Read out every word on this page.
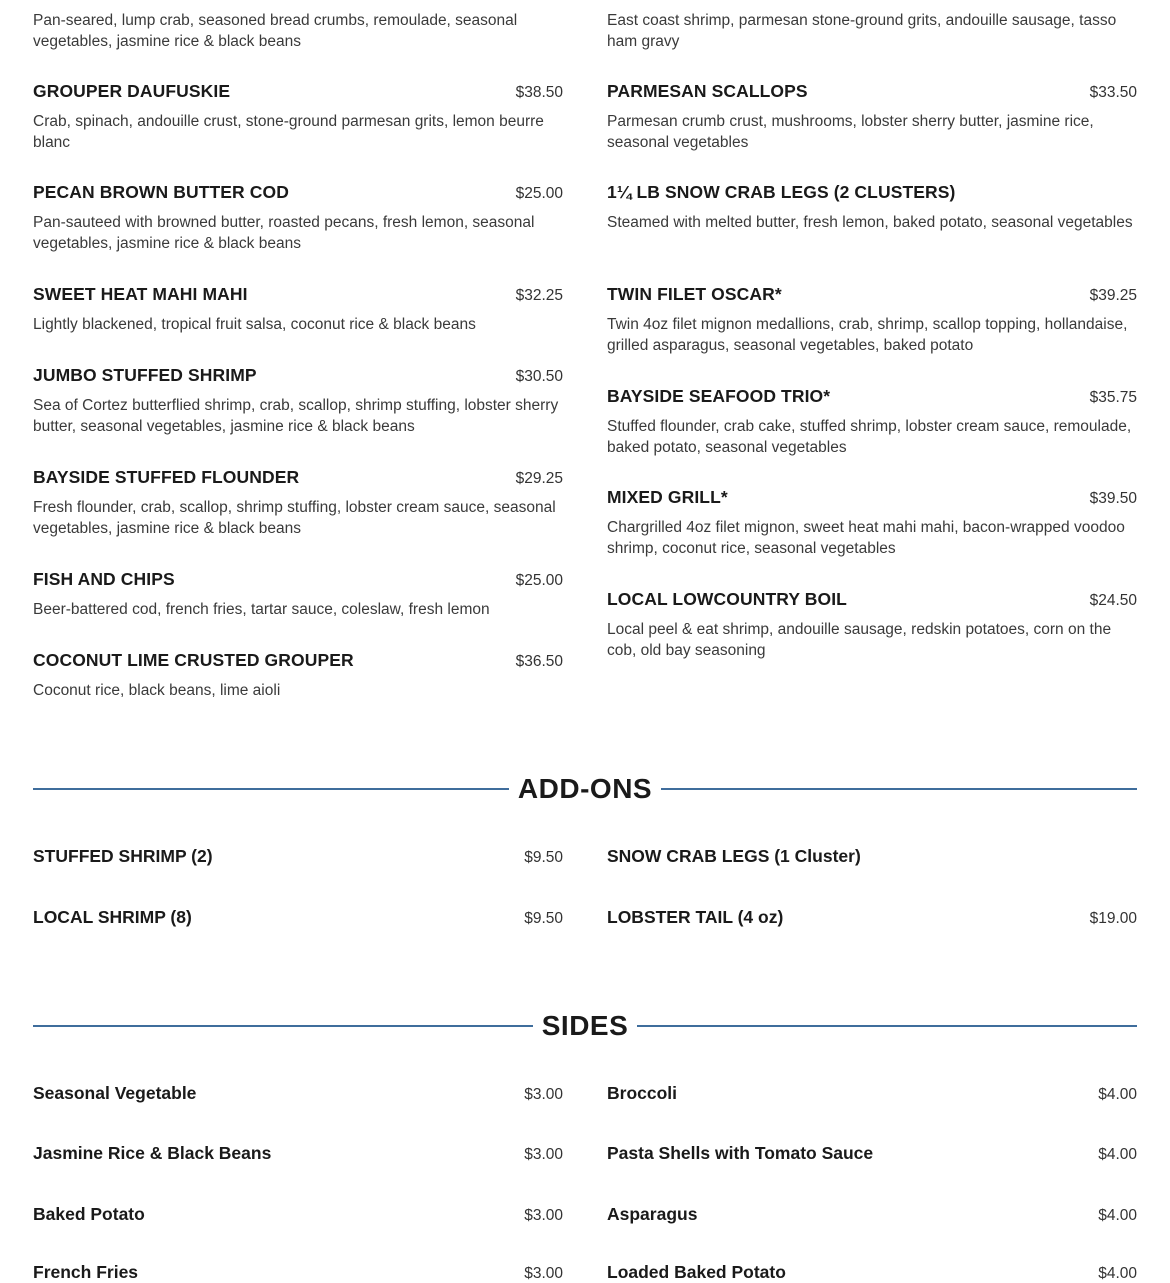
Pan-seared, lump crab, seasoned bread crumbs, remoulade, seasonal vegetables, jasmine rice & black beans
East coast shrimp, parmesan stone-ground grits, andouille sausage, tasso ham gravy
GROUPER DAUFUSKIE	$38.50
Crab, spinach, andouille crust, stone-ground parmesan grits, lemon beurre blanc
PECAN BROWN BUTTER COD	$25.00
Pan-sauteed with browned butter, roasted pecans, fresh lemon, seasonal vegetables, jasmine rice & black beans
SWEET HEAT MAHI MAHI	$32.25
Lightly blackened, tropical fruit salsa, coconut rice & black beans
JUMBO STUFFED SHRIMP	$30.50
Sea of Cortez butterflied shrimp, crab, scallop, shrimp stuffing, lobster sherry butter, seasonal vegetables, jasmine rice & black beans
BAYSIDE STUFFED FLOUNDER	$29.25
Fresh flounder, crab, scallop, shrimp stuffing, lobster cream sauce, seasonal vegetables, jasmine rice & black beans
FISH AND CHIPS	$25.00
Beer-battered cod, french fries, tartar sauce, coleslaw, fresh lemon
COCONUT LIME CRUSTED GROUPER	$36.50
Coconut rice, black beans, lime aioli
PARMESAN SCALLOPS	$33.50
Parmesan crumb crust, mushrooms, lobster sherry butter, jasmine rice, seasonal vegetables
1¼ LB SNOW CRAB LEGS (2 CLUSTERS)
Steamed with melted butter, fresh lemon, baked potato, seasonal vegetables
TWIN FILET OSCAR*	$39.25
Twin 4oz filet mignon medallions, crab, shrimp, scallop topping, hollandaise, grilled asparagus, seasonal vegetables, baked potato
BAYSIDE SEAFOOD TRIO*	$35.75
Stuffed flounder, crab cake, stuffed shrimp, lobster cream sauce, remoulade, baked potato, seasonal vegetables
MIXED GRILL*	$39.50
Chargrilled 4oz filet mignon, sweet heat mahi mahi, bacon-wrapped voodoo shrimp, coconut rice, seasonal vegetables
LOCAL LOWCOUNTRY BOIL	$24.50
Local peel & eat shrimp, andouille sausage, redskin potatoes, corn on the cob, old bay seasoning
ADD-ONS
STUFFED SHRIMP (2)	$9.50
LOCAL SHRIMP (8)	$9.50
SNOW CRAB LEGS (1 Cluster)
LOBSTER TAIL (4 oz)	$19.00
SIDES
Seasonal Vegetable	$3.00
Jasmine Rice & Black Beans	$3.00
Baked Potato	$3.00
French Fries	$3.00
Broccoli	$4.00
Pasta Shells with Tomato Sauce	$4.00
Asparagus	$4.00
Loaded Baked Potato	$4.00
